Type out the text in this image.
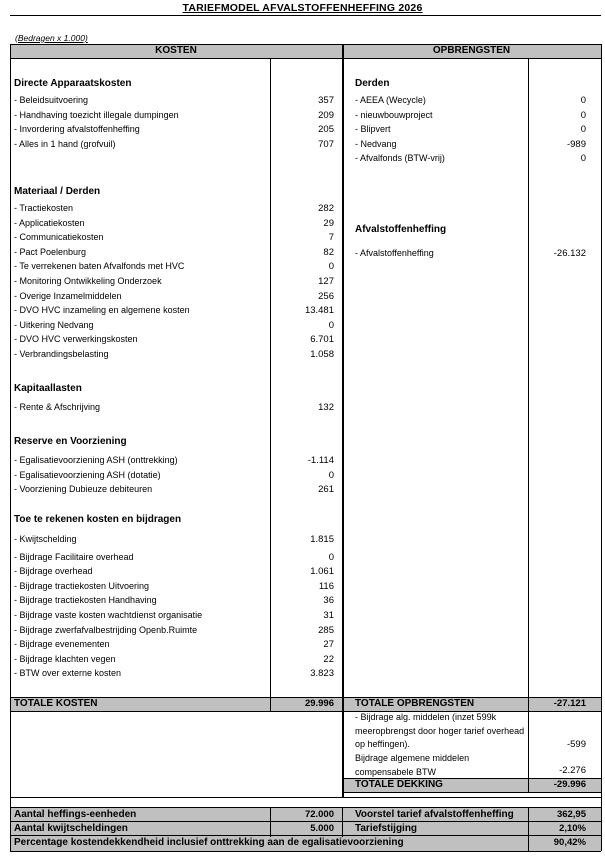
TARIEFMODEL AFVALSTOFFENHEFFING 2026
(Bedragen x 1.000)
KOSTEN	OPBRENGSTEN
Directe Apparaatskosten
- Beleidsuitvoering	357
- Handhaving toezicht illegale dumpingen	209
- Invordering afvalstoffenheffing	205
- Alles in 1 hand (grofvuil)	707
Materiaal / Derden
- Tractiekosten	282
- Applicatiekosten	29
- Communicatiekosten	7
- Pact Poelenburg	82
- Te verrekenen baten Afvalfonds met HVC	0
- Monitoring Ontwikkeling Onderzoek	127
- Overige Inzamelmiddelen	256
- DVO HVC inzameling en algemene kosten	13.481
- Uitkering Nedvang	0
- DVO HVC verwerkingskosten	6.701
- Verbrandingsbelasting	1.058
Kapitaallasten
- Rente & Afschrijving	132
Reserve en Voorziening
- Egalisatievoorziening ASH (onttrekking)	-1.114
- Egalisatievoorziening ASH (dotatie)	0
- Voorziening Dubieuze debiteuren	261
Toe te rekenen kosten en bijdragen
- Kwijtschelding	1.815
- Bijdrage Facilitaire overhead	0
- Bijdrage overhead	1.061
- Bijdrage tractiekosten Uitvoering	116
- Bijdrage tractiekosten Handhaving	36
- Bijdrage vaste kosten wachtdienst organisatie	31
- Bijdrage zwerfafvalbestrijding Openb.Ruimte	285
- Bijdrage evenementen	27
- Bijdrage klachten vegen	22
- BTW over externe kosten	3.823
Derden
- AEEA (Wecycle)	0
- nieuwbouwproject	0
- Blipvert	0
- Nedvang	-989
- Afvalfonds (BTW-vrij)	0
Afvalstoffenheffing
- Afvalstoffenheffing	-26.132
TOTALE KOSTEN	29.996 TOTALE OPBRENGSTEN	-27.121
- Bijdrage alg. middelen (inzet 599k meeropbrengst door hoger tarief overhead op heffingen).	-599
Bijdrage algemene middelen compensabele BTW	-2.276
TOTALE DEKKING	-29.996
Aantal heffings-eenheden	72.000 Voorstel tarief afvalstoffenheffing	362,95
Aantal kwijtscheldingen	5.000 Tariefstijging	2,10%
Percentage kostendekkendheid inclusief onttrekking aan de egalisatievoorziening	90,42%
